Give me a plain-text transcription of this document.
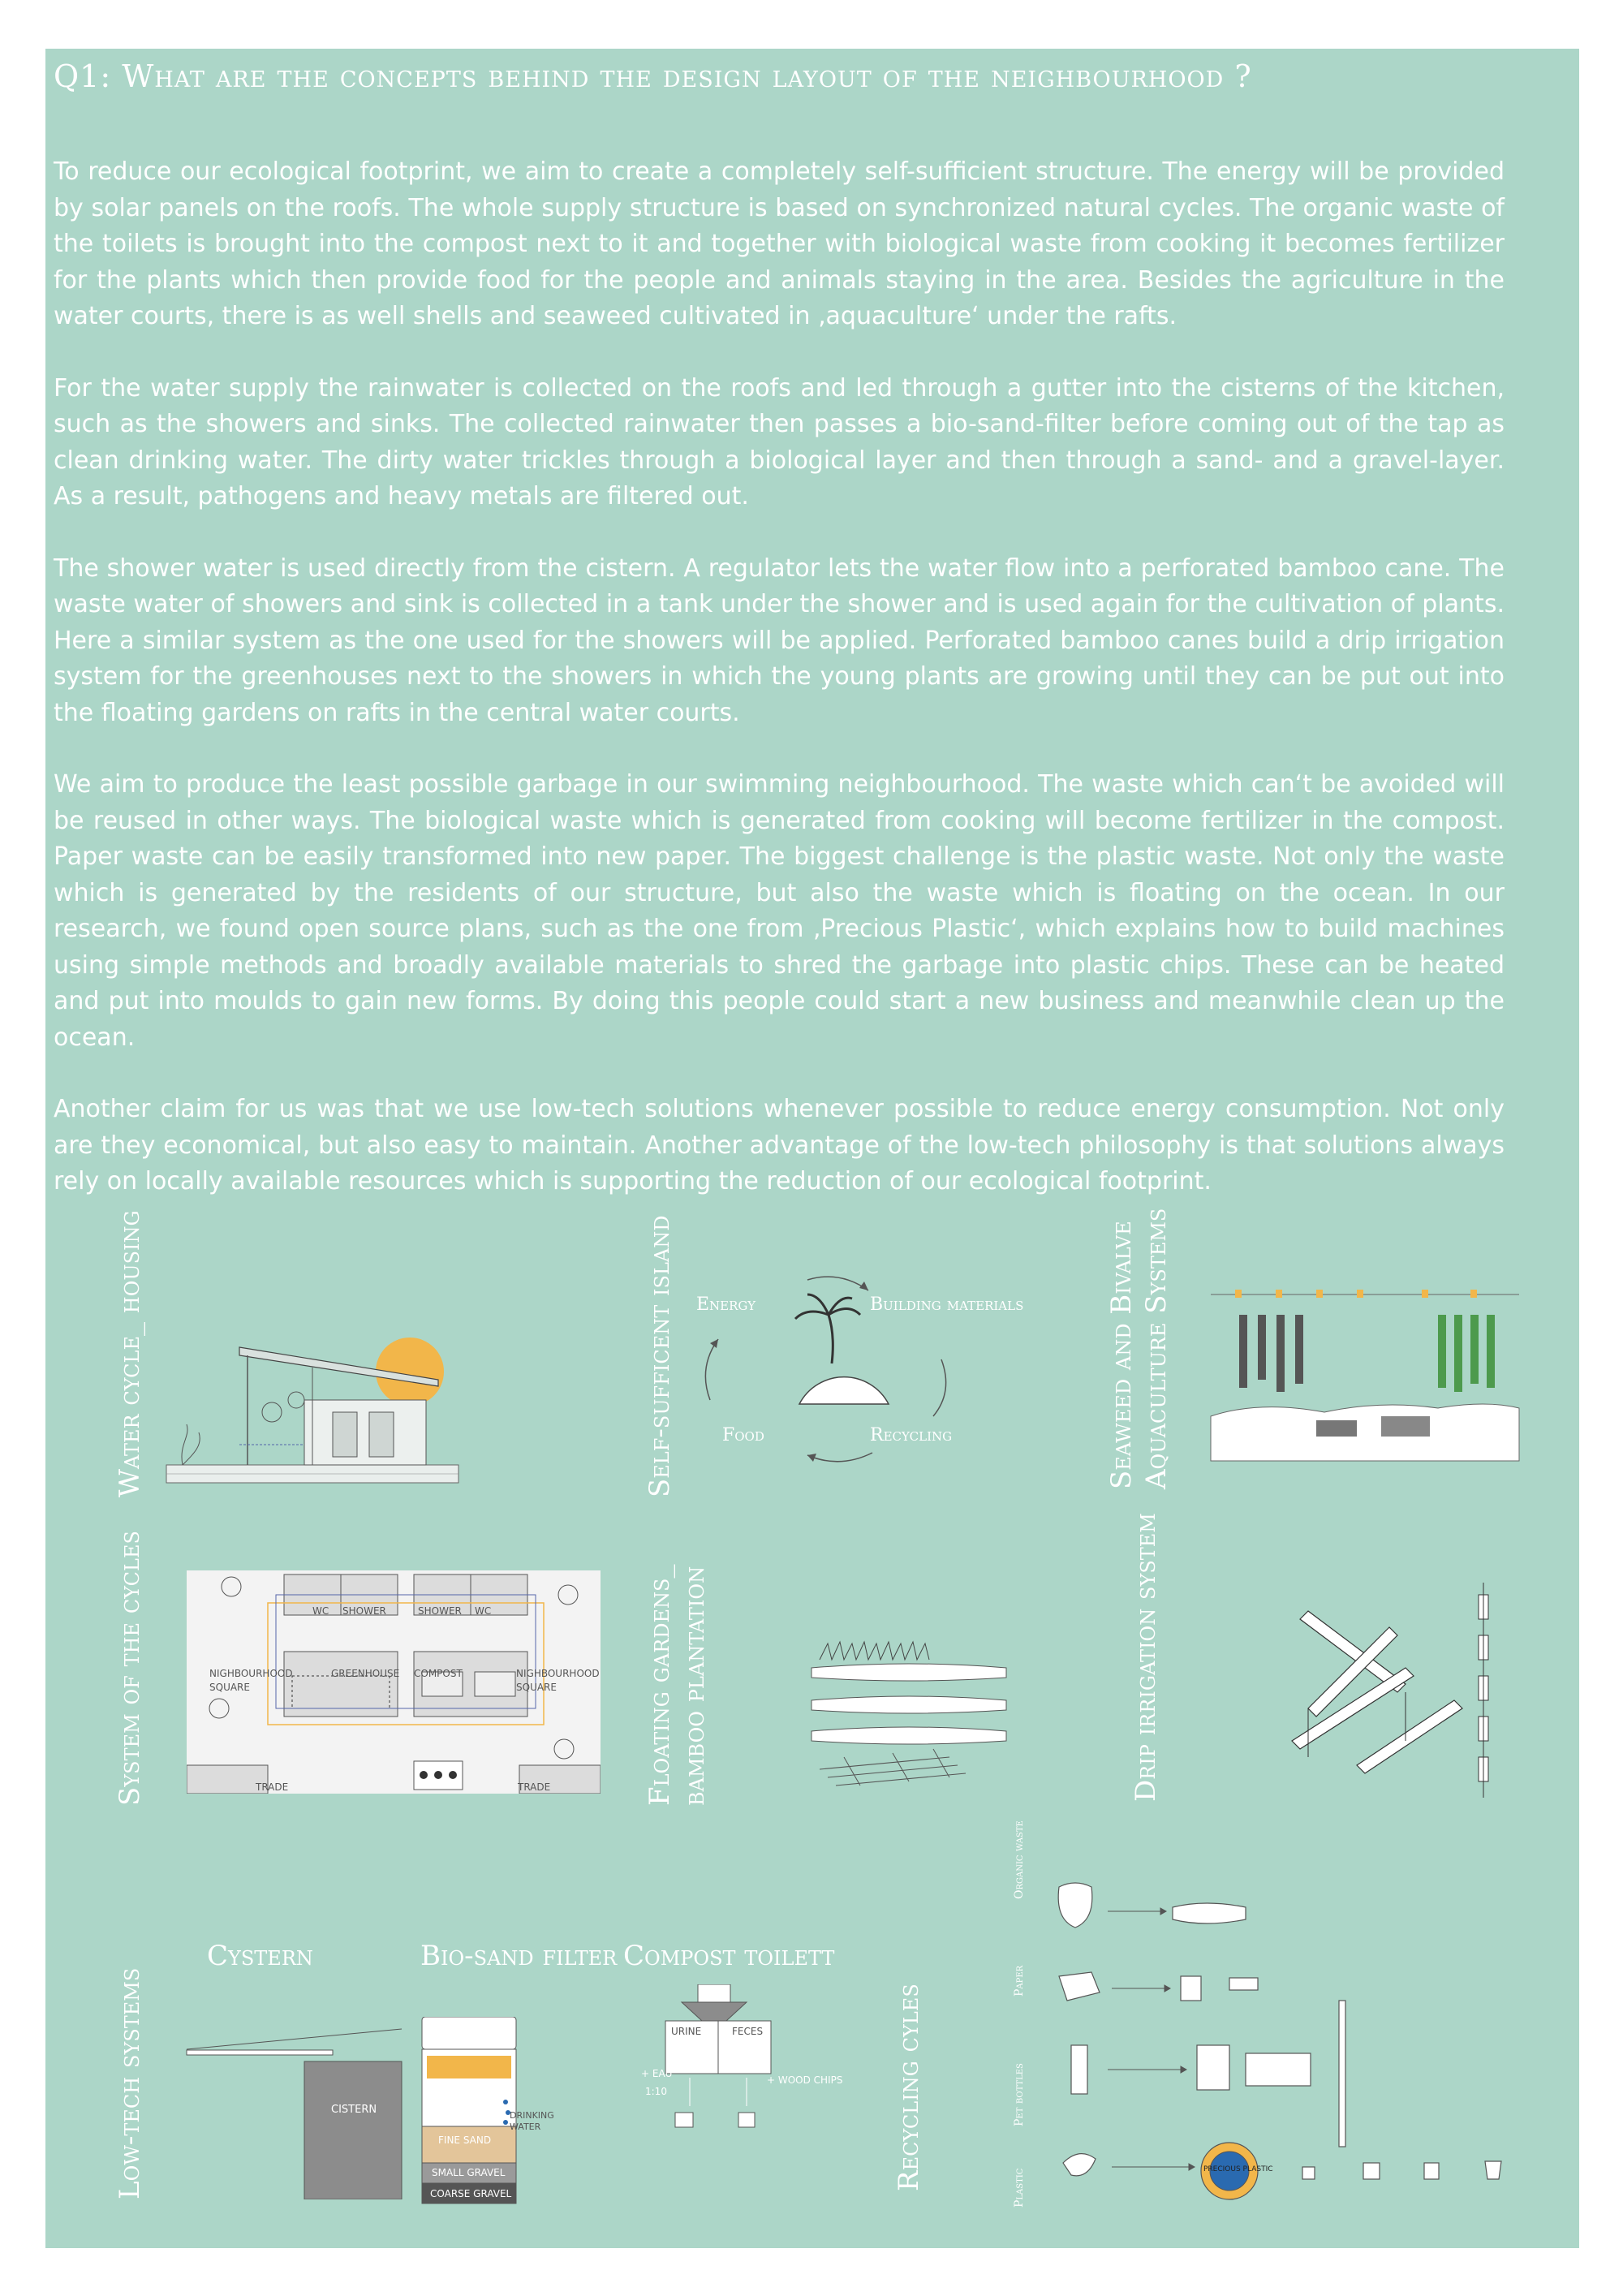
Q1: What are the concepts behind the design layout of the neighbourhood ?

To reduce our ecological footprint, we aim to create a completely self-sufficient structure. The energy will be provided by solar panels on the roofs. The whole supply structure is based on synchronized natural cycles. The organic waste of the toilets is brought into the compost next to it and together with biological waste from cooking it becomes fertilizer for the plants which then provide food for the people and animals staying in the area. Besides the agriculture in the water courts, there is as well shells and seaweed cultivated in ‚aquaculture‘ under the rafts.

For the water supply the rainwater is collected on the roofs and led through a gutter into the cisterns of the kitchen, such as the showers and sinks. The collected rainwater then passes a bio-sand-filter before coming out of the tap as clean drinking water. The dirty water trickles through a biological layer and then through a sand- and a gravel-layer. As a result, pathogens and heavy metals are filtered out.

The shower water is used directly from the cistern. A regulator lets the water flow into a perforated bamboo cane. The waste water of showers and sink is collected in a tank under the shower and is used again for the cultivation of plants. Here a similar system as the one used for the showers will be applied. Perforated bamboo canes build a drip irrigation system for the greenhouses next to the showers in which the young plants are growing until they can be put out into the floating gardens on rafts in the central water courts.

We aim to produce the least possible garbage in our swimming neighbourhood. The waste which can‘t be avoided will be reused in other ways. The biological waste which is generated from cooking will become fertilizer in the compost. Paper waste can be easily transformed into new paper. The biggest challenge is the plastic waste. Not only the waste which is generated by the residents of our structure, but also the waste which is floating on the ocean. In our research, we found open source plans, such as the one from ‚Precious Plastic‘, which explains how to build machines using simple methods and broadly available materials to shred the garbage into plastic chips. These can be heated and put into moulds to gain new forms. By doing this people could start a new business and meanwhile clean up the ocean.

Another claim for us was that we use low-tech solutions whenever possible to reduce energy consumption. Not only are they economical, but also easy to maintain. Another advantage of the low-tech philosophy is that solutions always rely on locally available resources which is supporting the reduction of our ecological footprint.

Water cycle_ housing	Self-sufficent island	Seaweed and Bivalve Aquaculture Systems
Energy	Building materials
Food	Recycling
System of the cycles	Floating gardens_ bamboo plantation	Drip irrigation system
WC SHOWER	SHOWER WC
NIGHBOURHOOD
SQUARE
GREENHOUSE COMPOST	NIGHBOURHOOD
SQUARE
TRADE	TRADE
Low-tech systems	Recycling cyles
Cystern	Bio-sand filter Compost toilett
CISTERN	DRINKING
WATER
FINE SAND
SMALL GRAVEL
COARSE GRAVEL
URINE	FECES
+ EAU
1:10
+ WOOD CHIPS
Organic waste
Paper
Pet bottles
Plastic	PRECIOUS PLASTIC
